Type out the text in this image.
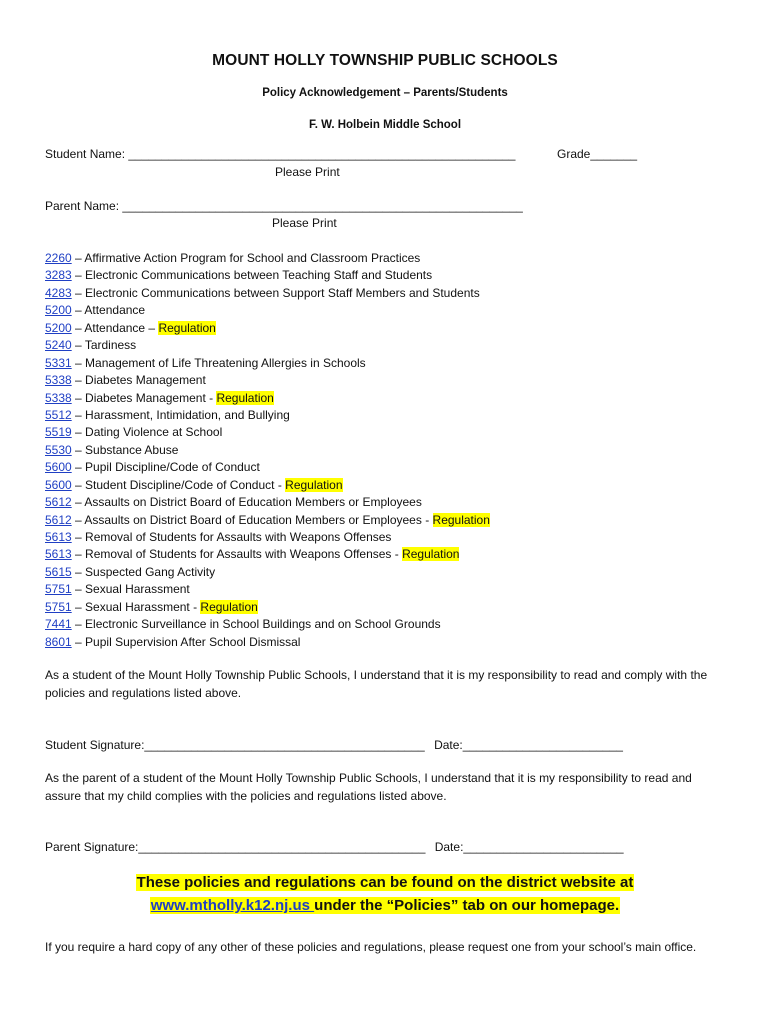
MOUNT HOLLY TOWNSHIP PUBLIC SCHOOLS
Policy Acknowledgement – Parents/Students
F. W. Holbein Middle School
Student Name: __________________________________________________________	Grade_______
Please Print
Parent Name: ____________________________________________________________
Please Print
2260 – Affirmative Action Program for School and Classroom Practices
3283 – Electronic Communications between Teaching Staff and Students
4283 – Electronic Communications between Support Staff Members and Students
5200 – Attendance
5200 – Attendance – Regulation
5240 – Tardiness
5331 – Management of Life Threatening Allergies in Schools
5338 – Diabetes Management
5338 – Diabetes Management - Regulation
5512 – Harassment, Intimidation, and Bullying
5519 – Dating Violence at School
5530 – Substance Abuse
5600 – Pupil Discipline/Code of Conduct
5600 – Student Discipline/Code of Conduct - Regulation
5612 – Assaults on District Board of Education Members or Employees
5612 – Assaults on District Board of Education Members or Employees - Regulation
5613 – Removal of Students for Assaults with Weapons Offenses
5613 – Removal of Students for Assaults with Weapons Offenses - Regulation
5615 – Suspected Gang Activity
5751 – Sexual Harassment
5751 – Sexual Harassment - Regulation
7441 – Electronic Surveillance in School Buildings and on School Grounds
8601 – Pupil Supervision After School Dismissal
As a student of the Mount Holly Township Public Schools, I understand that it is my responsibility to read and comply with the policies and regulations listed above.
Student Signature:__________________________________________ Date:________________________
As the parent of a student of the Mount Holly Township Public Schools, I understand that it is my responsibility to read and assure that my child complies with the policies and regulations listed above.
Parent Signature:___________________________________________ Date:________________________
These policies and regulations can be found on the district website at
www.mtholly.k12.nj.us under the “Policies” tab on our homepage.
If you require a hard copy of any other of these policies and regulations, please request one from your school’s main office.
